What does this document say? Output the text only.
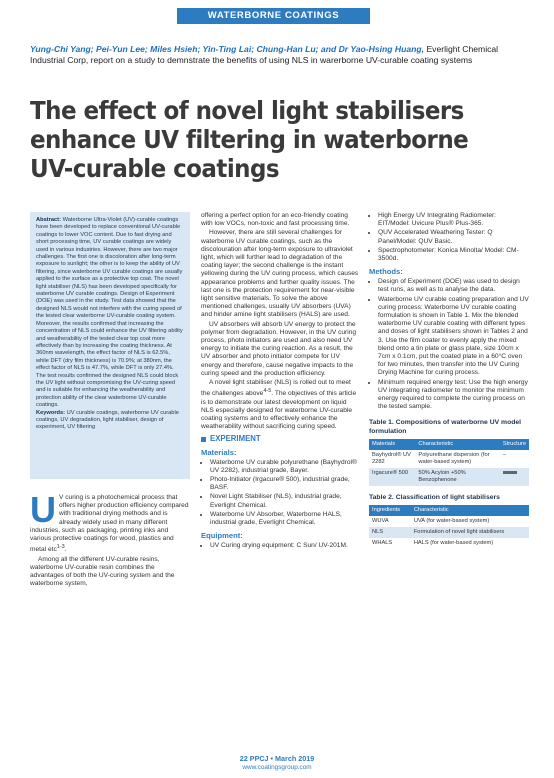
WATERBORNE COATINGS
Yung-Chi Yang; Pei-Yun Lee; Miles Hsieh; Yin-Ting Lai; Chung-Han Lu; and Dr Yao-Hsing Huang, Everlight Chemical Industrial Corp, report on a study to demnstrate the benefits of using NLS in warerborne UV-curable coating systems
The effect of novel light stabilisers enhance UV filtering in waterborne UV-curable coatings
Abstract: Waterborne Ultra-Violet (UV)-curable coatings have been developed to replace conventional UV-curable coatings to lower VOC content. Due to fast drying and short processing time, UV curable coatings are widely used in various industries. However, there are two major challenges. The first one is discoloration after long-term exposure to sunlight; the other is to keep the ability of UV filtering, since waterborne UV curable coatings are usually applied to the surface as a protective top coat. The novel light stabiliser (NLS) has been developed specifically for waterborne UV curable coatings. Design of Experiment (DOE) was used in the study. Test data showed that the designed NLS would not interfere with the curing speed of the tested clear waterborne UV-curable coating system. Moreover, the results confirmed that increasing the concentration of NLS could enhance the UV filtering ability and weatherability of the tested clear top coat more effectively than by increasing the coating thickness. At 360nm wavelength, the effect factor of NLS is 62.5%, while DFT (dry film thickness) is 70.9%; at 380nm, the effect factor of NLS is 47.7%, while DFT is only 27.4%. The test results confirmed the designed NLS could block the UV light without compromising the UV-curing speed and is suitable for enhancing the weatherability and protection ability of the clear waterborne UV-curable coatings.
Keywords: UV curable coatings, waterborne UV curable coatings, UV degradation, light stabiliser, design of experiment, UV filtering
U V curing is a photochemical process that offers higher production efficiency compared with traditional drying methods and is already widely used in many different industries, such as packaging, printing inks and various protective coatings for wood, plastics and metal etc$^{1-3}$.

Among all the different UV-curable resins, waterborne UV-curable resin combines the advantages of both the UV-curing system and the waterborne system,

offering a perfect option for an eco-friendly coating with low VOCs, non-toxic and fast processing time.

However, there are still several challenges for waterborne UV curable coatings, such as the discolouration after long-term exposure to ultraviolet light, which will further lead to degradation of the coating layer; the second challenge is the instant yellowing during the UV curing process, which causes appearance problems and further quality issues. The last one is the protection requirement for near-visible light sensitive materials. To solve the above mentioned challenges, usually UV absorbers (UVA) and hinder amine light stabilisers (HALS) are used.

UV absorbers will absorb UV energy to protect the polymer from degradation. However, in the UV curing process, photo initiators are used and also need UV energy to initiate the curing reaction. As a result, the UV absorber and photo initiator compete for UV energy and therefore, cause negative impacts to the curing speed and the production efficiency.

A novel light stabiliser (NLS) is rolled out to meet the challenges above$^{4-5}$. The objectives of this article is to demonstrate our latest development on liquid NLS especially designed for waterborne UV-curable coating systems and to effectively enhance the weatherability without sacrificing curing speed.

EXPERIMENT
Materials:
• Waterborne UV curable polyurethane (Bayhydrol® UV 2282), industrial grade, Bayer.
• Photo-Initiator (Irgacure® 500), industrial grade, BASF.
• Novel Light Stabiliser (NLS), industrial grade, Everlight Chemical.
• Waterborne UV Absorber, Waterborne HALS, industrial grade, Everlight Chemical.
Equipment:
• UV Curing drying equipment: C Sun/ UV-201M.
• High Energy UV Integrating Radiometer: EIT/Model: Uvicure Plus® Plus-365.
• QUV Accelerated Weathering Tester: Q Panel/Model: QUV Basic.
• Spectrophotometer: Konica Minolta/ Model: CM-3500d.
Methods:
• Design of Experiment (DOE) was used to design test runs, as well as to analyse the data.
• Waterborne UV curable coating preparation and UV curing process: Waterborne UV curable coating formulation is shown in Table 1. Mix the blended waterborne UV curable coating with different types and doses of light stabilisers shown in Tables 2 and 3. Use the film coater to evenly apply the mixed blend onto a tin plate or glass plate, size 10cm x 7cm x 0.1cm, put the coated plate in a 60°C oven for two minutes, then transfer into the UV Curing Drying Machine for curing process.
• Minimum required energy test: Use the high energy UV integrating radiometer to monitor the minimum energy required to complete the curing process on the tested sample.
Table 1. Compositions of waterborne UV model formulation
Materials	Characteristic	Structure
Bayhydrol® UV 2282	Polyurethane dispersion (for water-based system)	–
Irgacure® 500	50% Acyloin +50% Benzophenone	
Table 2. Classification of light stabilisers
Ingredients	Characteristic
WUVA	UVA (for water-based system)
NLS	Formulation of novel light stabilisers
WHALS	HALS (for water-based system)
22 PPCJ • March 2019
www.coatingsgroup.com
